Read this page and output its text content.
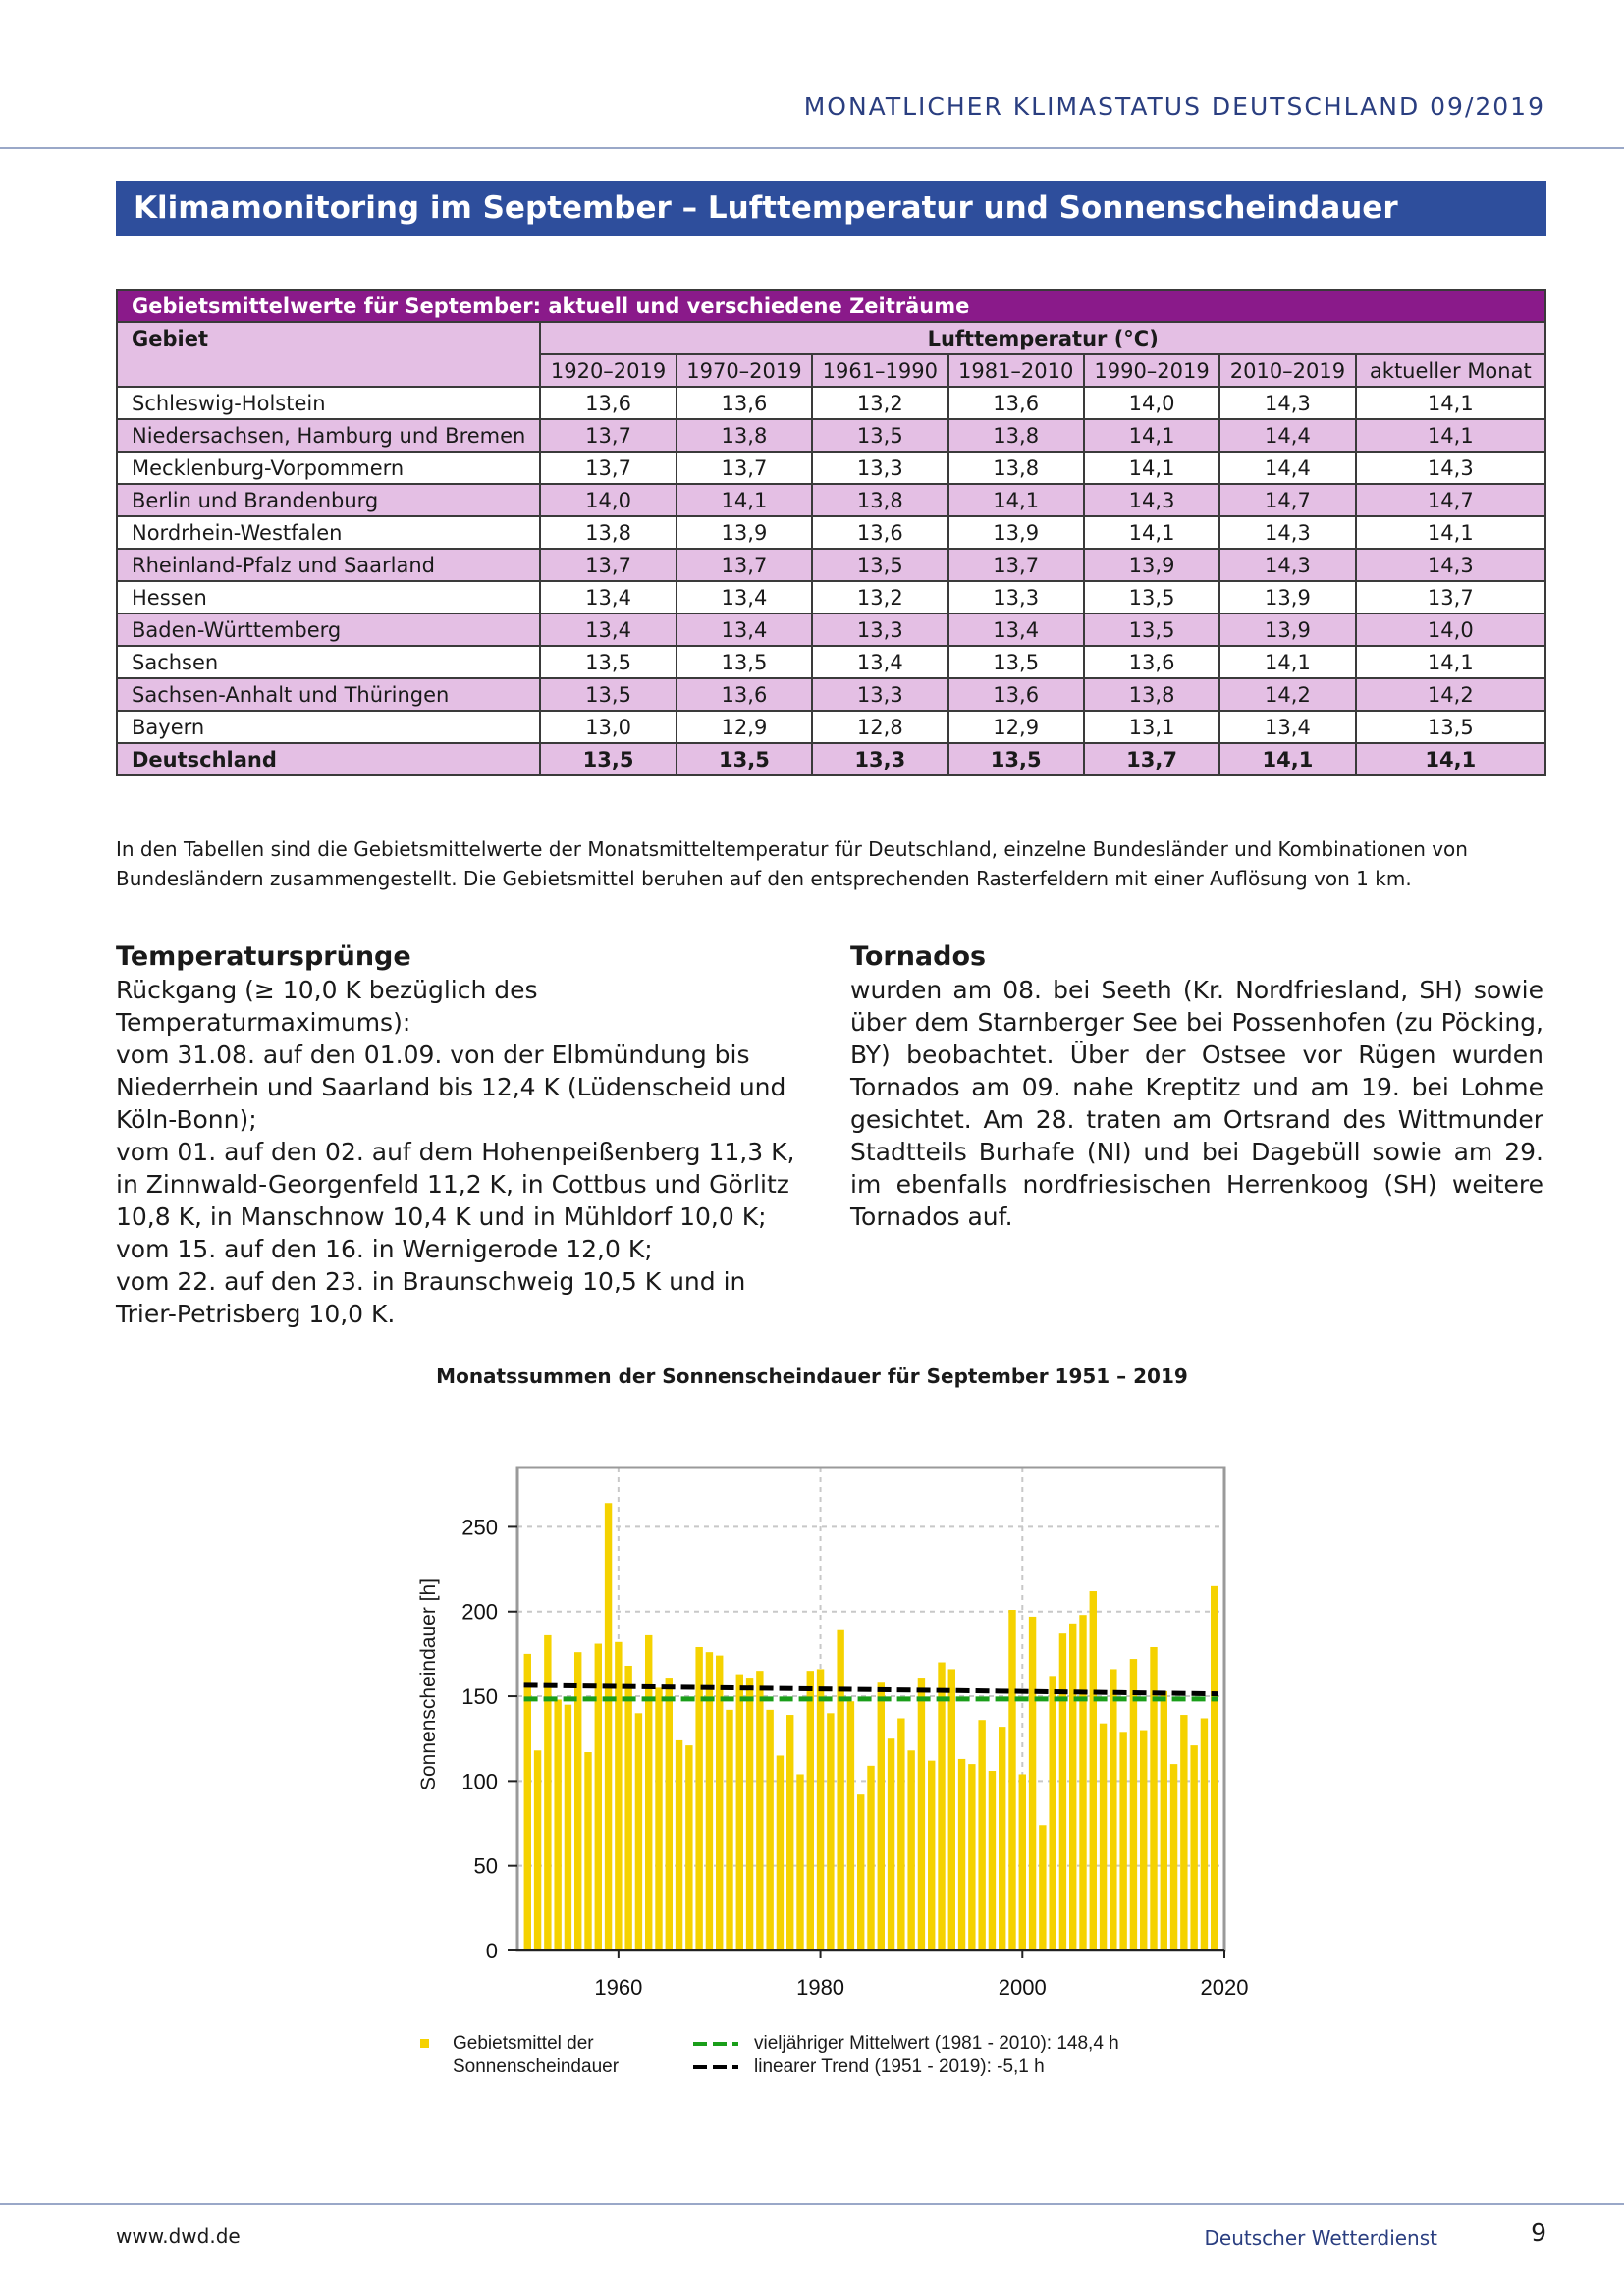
MONATLICHER KLIMASTATUS DEUTSCHLAND 09/2019
Klimamonitoring im September – Lufttemperatur und Sonnenscheindauer
Gebietsmittelwerte für September: aktuell und verschiedene Zeiträume							
Gebiet	Lufttemperatur (°C)						
	1920–2019	1970–2019	1961–1990	1981–2010	1990–2019	2010–2019	aktueller Monat
Schleswig-Holstein	13,6	13,6	13,2	13,6	14,0	14,3	14,1
Niedersachsen, Hamburg und Bremen	13,7	13,8	13,5	13,8	14,1	14,4	14,1
Mecklenburg-Vorpommern	13,7	13,7	13,3	13,8	14,1	14,4	14,3
Berlin und Brandenburg	14,0	14,1	13,8	14,1	14,3	14,7	14,7
Nordrhein-Westfalen	13,8	13,9	13,6	13,9	14,1	14,3	14,1
Rheinland-Pfalz und Saarland	13,7	13,7	13,5	13,7	13,9	14,3	14,3
Hessen	13,4	13,4	13,2	13,3	13,5	13,9	13,7
Baden-Württemberg	13,4	13,4	13,3	13,4	13,5	13,9	14,0
Sachsen	13,5	13,5	13,4	13,5	13,6	14,1	14,1
Sachsen-Anhalt und Thüringen	13,5	13,6	13,3	13,6	13,8	14,2	14,2
Bayern	13,0	12,9	12,8	12,9	13,1	13,4	13,5
Deutschland	13,5	13,5	13,3	13,5	13,7	14,1	14,1
In den Tabellen sind die Gebietsmittelwerte der Monatsmitteltemperatur für Deutschland, einzelne Bundesländer und Kombinationen von Bundesländern zusammengestellt. Die Gebietsmittel beruhen auf den entsprechenden Rasterfeldern mit einer Auflösung von 1 km.
Temperatursprünge

Rückgang (≥ 10,0 K bezüglich des Temperaturmaximums):

vom 31.08. auf den 01.09. von der Elbmündung bis Niederrhein und Saarland bis 12,4 K (Lüdenscheid und Köln-Bonn);

vom 01. auf den 02. auf dem Hohenpeißenberg 11,3 K, in Zinnwald-Georgenfeld 11,2 K, in Cottbus und Görlitz 10,8 K, in Manschnow 10,4 K und in Mühldorf 10,0 K;

vom 15. auf den 16. in Wernigerode 12,0 K;

vom 22. auf den 23. in Braunschweig 10,5 K und in Trier-Petrisberg 10,0 K.

Tornados

wurden am 08. bei Seeth (Kr. Nordfriesland, SH) sowie über dem Starnberger See bei Possenhofen (zu Pöcking, BY) beobachtet. Über der Ostsee vor Rügen wurden Tornados am 09. nahe Kreptitz und am 19. bei Lohme gesichtet. Am 28. traten am Ortsrand des Wittmunder Stadtteils Burhafe (NI) und bei Dagebüll sowie am 29. im ebenfalls nordfriesischen Herrenkoog (SH) weitere Tornados auf.

Monatssummen der Sonnenscheindauer für September 1951 – 2019
0
50
100
150
200
250
1960	1980	2000	2020
Sonnenscheindauer [h]
Gebietsmittel der
Sonnenscheindauer
vieljähriger Mittelwert (1981 - 2010): 148,4 h
linearer Trend (1951 - 2019): -5,1 h
www.dwd.de	Deutscher Wetterdienst	9
